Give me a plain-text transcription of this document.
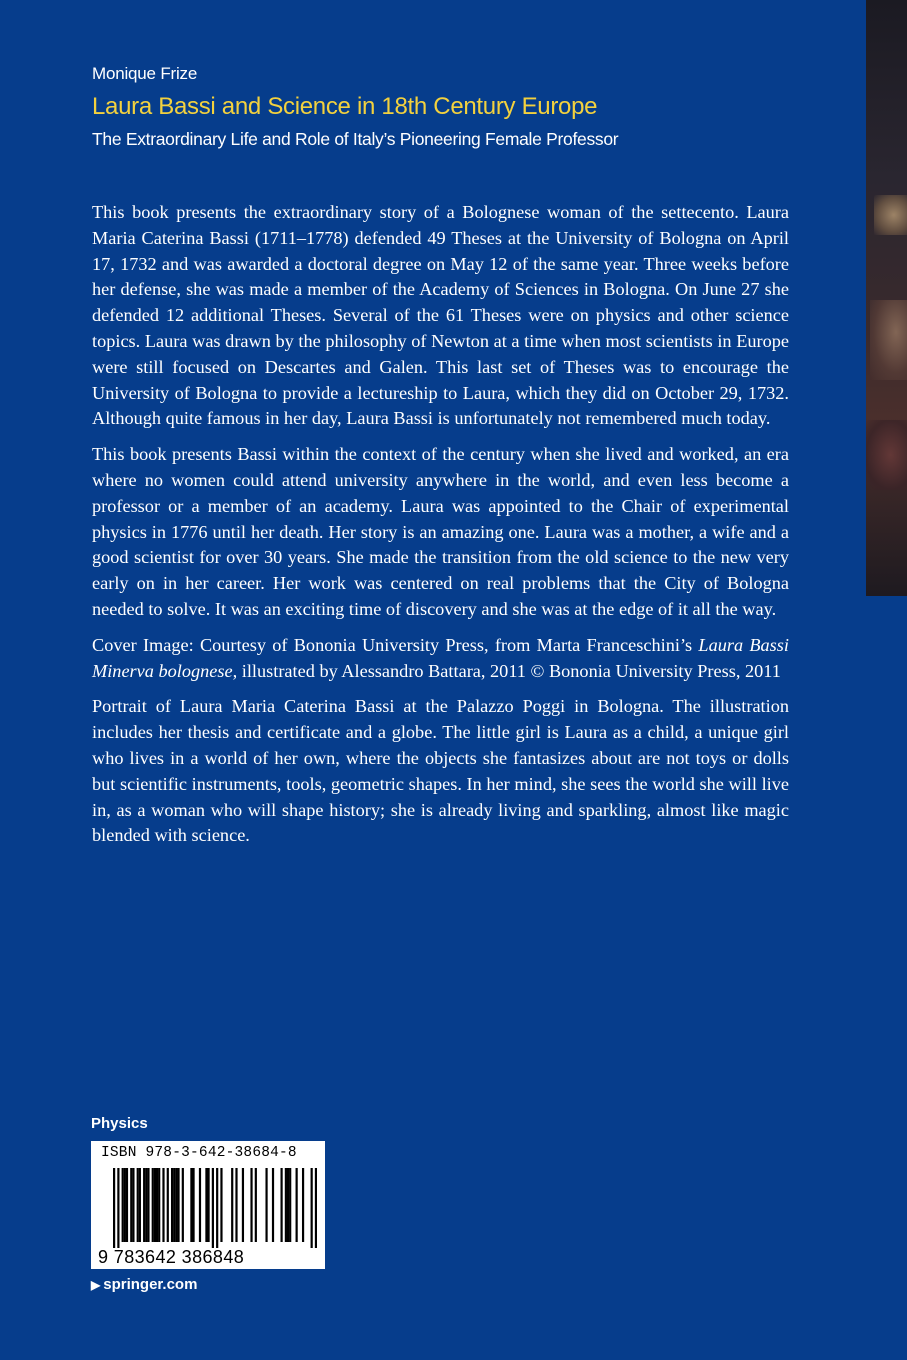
Monique Frize
Laura Bassi and Science in 18th Century Europe
The Extraordinary Life and Role of Italy’s Pioneering Female Professor

This book presents the extraordinary story of a Bolognese woman of the settecento. Laura Maria Caterina Bassi (1711–1778) defended 49 Theses at the University of Bologna on April 17, 1732 and was awarded a doctoral degree on May 12 of the same year. Three weeks before her defense, she was made a member of the Academy of Sciences in Bologna. On June 27 she defended 12 additional Theses. Several of the 61 Theses were on physics and other science topics. Laura was drawn by the philosophy of Newton at a time when most scientists in Europe were still focused on Descartes and Galen. This last set of Theses was to encourage the University of Bologna to provide a lectureship to Laura, which they did on October 29, 1732. Although quite famous in her day, Laura Bassi is unfortunately not remembered much today.

This book presents Bassi within the context of the century when she lived and worked, an era where no women could attend university anywhere in the world, and even less become a professor or a member of an academy. Laura was appointed to the Chair of experimental physics in 1776 until her death. Her story is an amazing one. Laura was a mother, a wife and a good scientist for over 30 years. She made the transition from the old science to the new very early on in her career. Her work was centered on real problems that the City of Bologna needed to solve. It was an exciting time of discovery and she was at the edge of it all the way.

Cover Image: Courtesy of Bononia University Press, from Marta Franceschini’s Laura Bassi Minerva bolognese, illustrated by Alessandro Battara, 2011 © Bononia University Press, 2011

Portrait of Laura Maria Caterina Bassi at the Palazzo Poggi in Bologna. The illustration includes her thesis and certificate and a globe. The little girl is Laura as a child, a unique girl who lives in a world of her own, where the objects she fantasizes about are not toys or dolls but scientific instruments, tools, geometric shapes. In her mind, she sees the world she will live in, as a woman who will shape history; she is already living and sparkling, almost like magic blended with science.

Physics
ISBN 978-3-642-38684-8
9 783642 386848
▶ springer.com
